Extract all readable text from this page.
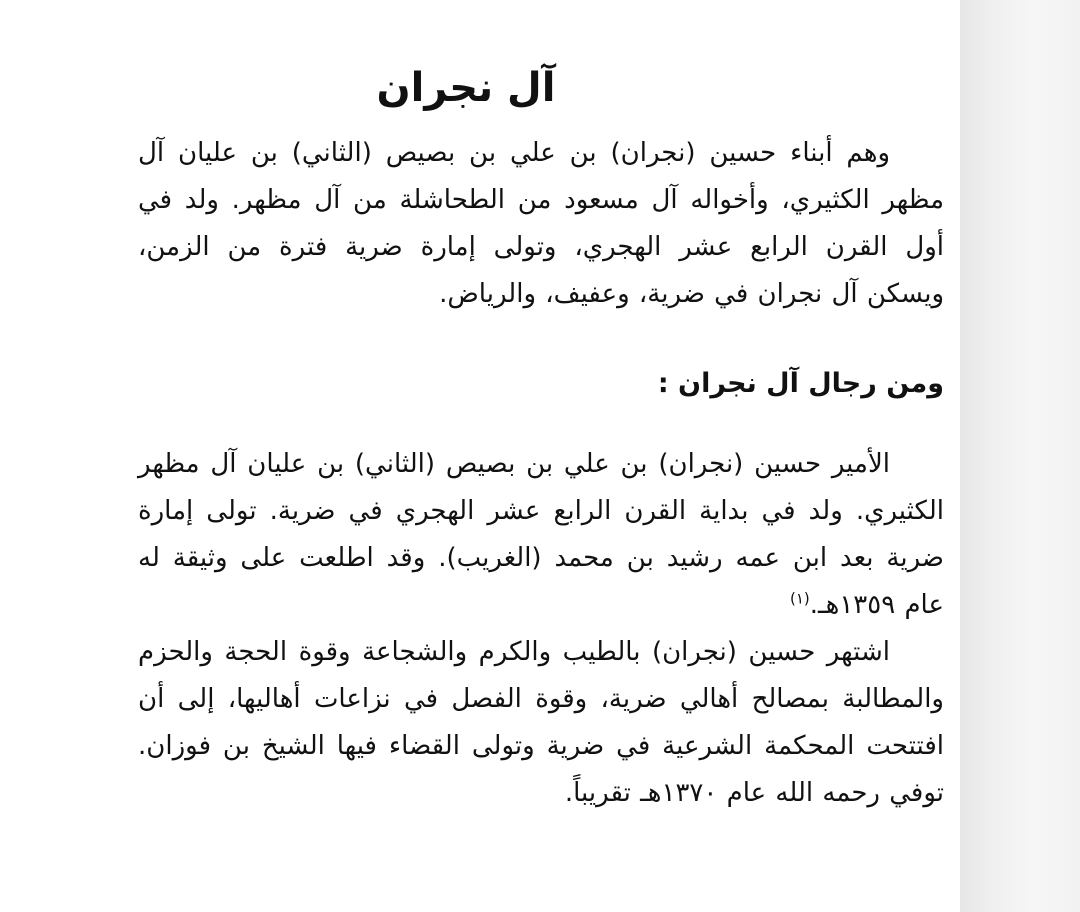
آل نجران

وهم أبناء حسين (نجران) بن علي بن بصيص (الثاني) بن عليان آل مظهر الكثيري، وأخواله آل مسعود من الطحاشلة من آل مظهر. ولد في أول القرن الرابع عشر الهجري، وتولى إمارة ضرية فترة من الزمن، ويسكن آل نجران في ضرية، وعفيف، والرياض.

ومن رجال آل نجران :

الأمير حسين (نجران) بن علي بن بصيص (الثاني) بن عليان آل مظهر الكثيري. ولد في بداية القرن الرابع عشر الهجري في ضرية. تولى إمارة ضرية بعد ابن عمه رشيد بن محمد (الغريب). وقد اطلعت على وثيقة له عام ١٣٥٩هـ.$^{(١)}$

اشتهر حسين (نجران) بالطيب والكرم والشجاعة وقوة الحجة والحزم والمطالبة بمصالح أهالي ضرية، وقوة الفصل في نزاعات أهاليها، إلى أن افتتحت المحكمة الشرعية في ضرية وتولى القضاء فيها الشيخ بن فوزان. توفي رحمه الله عام ١٣٧٠هـ تقريباً.
